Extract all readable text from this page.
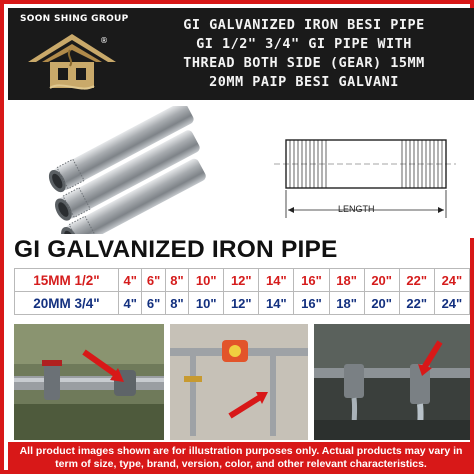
SOON SHING GROUP
®
GI GALVANIZED IRON BESI PIPE
GI 1/2" 3/4" GI PIPE WITH
THREAD BOTH SIDE (GEAR) 15MM
20MM PAIP BESI GALVANI
LENGTH
GI GALVANIZED IRON PIPE
15MM 1/2"	4"	6"	8"	10"	12"	14"	16"	18"	20"	22"	24"
20MM 3/4"	4"	6"	8"	10"	12"	14"	16"	18"	20"	22"	24"
All product images shown are for illustration purposes only. Actual products may vary in term of size, type, brand, version, color, and other relevant characteristics.
